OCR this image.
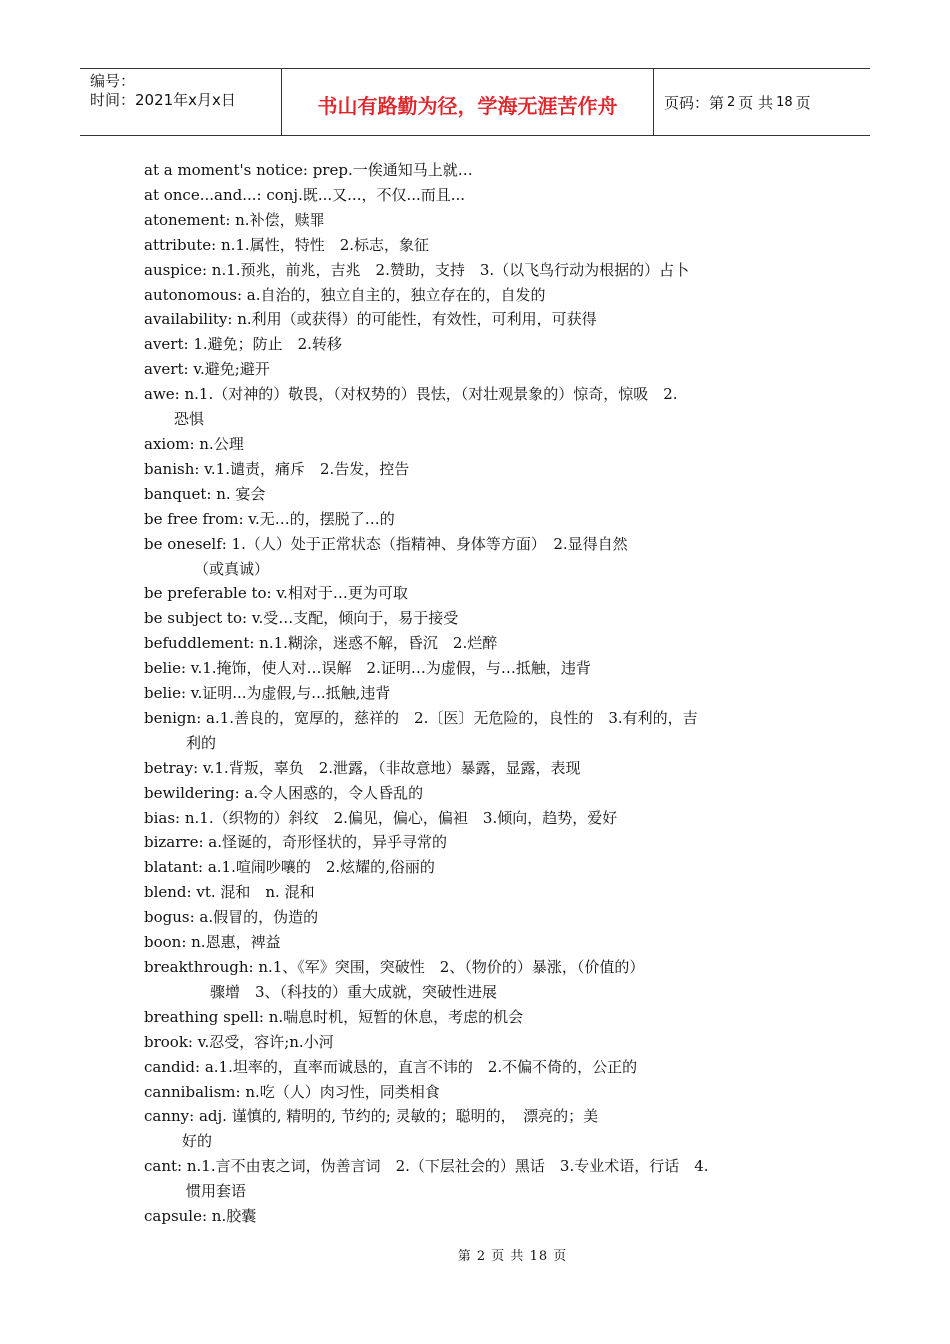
编号：
时间：2021年x月x日	书山有路勤为径，学海无涯苦作舟	页码：第 2 页 共 18 页
at a moment's notice: prep.一俟通知马上就…
at once...and...: conj.既...又...，不仅...而且...
atonement: n.补偿，赎罪
attribute: n.1.属性，特性　2.标志，象征
auspice: n.1.预兆，前兆，吉兆　2.赞助，支持　3.（以飞鸟行动为根据的）占卜
autonomous: a.自治的，独立自主的，独立存在的，自发的
availability: n.利用（或获得）的可能性，有效性，可利用，可获得
avert: 1.避免；防止　2.转移
avert: v.避免;避开
awe: n.1.（对神的）敬畏，（对权势的）畏怯，（对壮观景象的）惊奇，惊吸　2.
恐惧
axiom: n.公理
banish: v.1.谴责，痛斥　2.告发，控告
banquet: n. 宴会
be free from: v.无…的，摆脱了…的
be oneself: 1.（人）处于正常状态（指精神、身体等方面）　2.显得自然
（或真诚）
be preferable to: v.相对于…更为可取
be subject to: v.受…支配，倾向于，易于接受
befuddlement: n.1.糊涂，迷惑不解，昏沉　2.烂醉
belie: v.1.掩饰，使人对…误解　2.证明…为虚假，与…抵触，违背
belie: v.证明...为虚假,与...抵触,违背
benign: a.1.善良的，宽厚的，慈祥的　2.〔医〕无危险的，良性的　3.有利的，吉
利的
betray: v.1.背叛，辜负　2.泄露，（非故意地）暴露，显露，表现
bewildering: a.令人困惑的，令人昏乱的
bias: n.1.（织物的）斜纹　2.偏见，偏心，偏袒　3.倾向，趋势，爱好
bizarre: a.怪诞的，奇形怪状的，异乎寻常的
blatant: a.1.喧闹吵嚷的　2.炫耀的,俗丽的
blend: vt. 混和　n. 混和
bogus: a.假冒的，伪造的
boon: n.恩惠，裨益
breakthrough: n.1、《军》突围，突破性　2、（物价的）暴涨，（价值的）
骤增　3、（科技的）重大成就，突破性进展
breathing spell: n.喘息时机，短暂的休息，考虑的机会
brook: v.忍受，容许;n.小河
candid: a.1.坦率的，直率而诚恳的，直言不讳的　2.不偏不倚的，公正的
cannibalism: n.吃（人）肉习性，同类相食
canny: adj. 谨慎的, 精明的, 节约的; 灵敏的；聪明的，　漂亮的；美
好的
cant: n.1.言不由衷之词，伪善言词　2.（下层社会的）黑话　3.专业术语，行话　4.
惯用套语
capsule: n.胶囊
第 2 页 共 18 页
